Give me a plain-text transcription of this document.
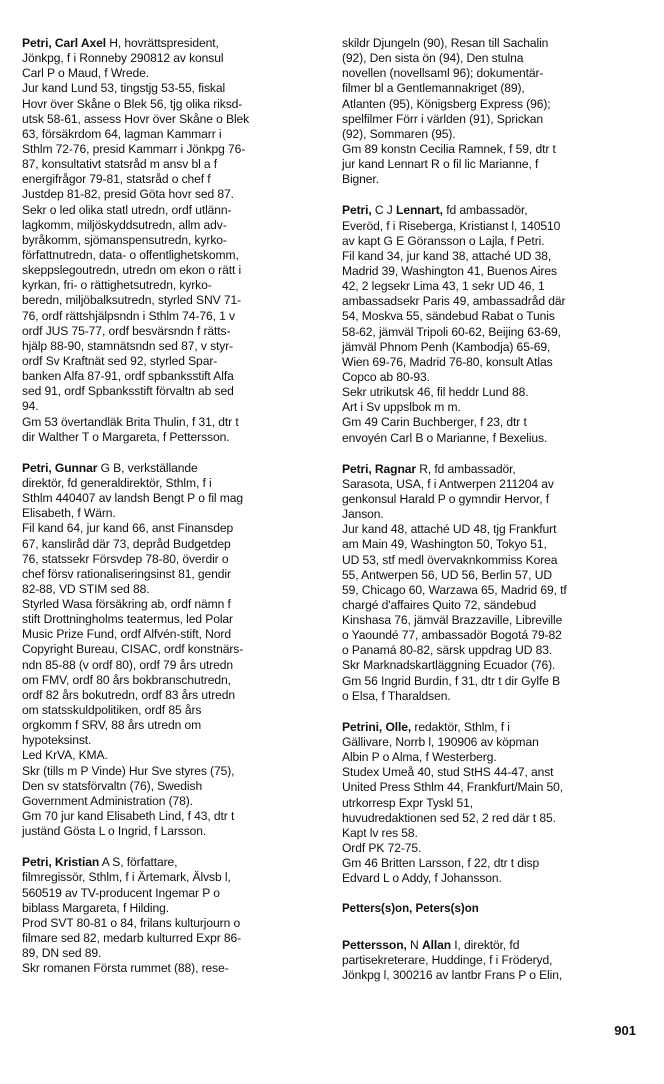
Petri, Carl Axel H, hovrättspresident,
Jönkpg, f i Ronneby 290812 av konsul
Carl P o Maud, f Wrede.
Jur kand Lund 53, tingstjg 53-55, fiskal
Hovr över Skåne o Blek 56, tjg olika riksd-
utsk 58-61, assess Hovr över Skåne o Blek
63, försäkrdom 64, lagman Kammarr i
Sthlm 72-76, presid Kammarr i Jönkpg 76-
87, konsultativt statsråd m ansv bl a f
energifrågor 79-81, statsråd o chef f
Justdep 81-82, presid Göta hovr sed 87.
Sekr o led olika statl utredn, ordf utlänn-
lagkomm, miljöskyddsutredn, allm adv-
byråkomm, sjömanspensutredn, kyrko-
författnutredn, data- o offentlighetskomm,
skeppslegoutredn, utredn om ekon o rätt i
kyrkan, fri- o rättighetsutredn, kyrko-
beredn, miljöbalksutredn, styrled SNV 71-
76, ordf rättshjälpsndn i Sthlm 74-76, 1 v
ordf JUS 75-77, ordf besvärsndn f rätts-
hjälp 88-90, stamnätsndn sed 87, v styr-
ordf Sv Kraftnät sed 92, styrled Spar-
banken Alfa 87-91, ordf spbanksstift Alfa
sed 91, ordf Spbanksstift förvaltn ab sed
94.
Gm 53 övertandläk Brita Thulin, f 31, dtr t
dir Walther T o Margareta, f Pettersson.
Petri, Gunnar G B, verkställande
direktör, fd generaldirektör, Sthlm, f i
Sthlm 440407 av landsh Bengt P o fil mag
Elisabeth, f Wärn.
Fil kand 64, jur kand 66, anst Finansdep
67, kanslіråd där 73, depråd Budgetdep
76, statssekr Försvdep 78-80, överdir o
chef försv rationaliseringsinst 81, gendir
82-88, VD STIM sed 88.
Styrled Wasa försäkring ab, ordf nämn f
stift Drottningholms teatermus, led Polar
Music Prize Fund, ordf Alfvén-stift, Nord
Copyright Bureau, CISAC, ordf konstnärs-
ndn 85-88 (v ordf 80), ordf 79 års utredn
om FMV, ordf 80 års bokbranschutredn,
ordf 82 års bokutredn, ordf 83 års utredn
om statsskuldpolitiken, ordf 85 års
orgkomm f SRV, 88 års utredn om
hypoteksinst.
Led KrVA, KMA.
Skr (tills m P Vinde) Hur Sve styres (75),
Den sv statsförvaltn (76), Swedish
Government Administration (78).
Gm 70 jur kand Elisabeth Lind, f 43, dtr t
juständ Gösta L o Ingrid, f Larsson.
Petri, Kristian A S, författare,
filmregissör, Sthlm, f i Ärtemark, Älvsb l,
560519 av TV-producent Ingemar P o
biblass Margareta, f Hilding.
Prod SVT 80-81 o 84, frilans kulturjourn o
filmare sed 82, medarb kulturred Expr 86-
89, DN sed 89.
Skr romanen Första rummet (88), rese-
skildr Djungeln (90), Resan till Sachalin
(92), Den sista ön (94), Den stulna
novellen (novellsaml 96); dokumentär-
filmer bl a Gentlemannakriget (89),
Atlanten (95), Königsberg Express (96);
spelfilmer Förr i världen (91), Sprickan
(92), Sommaren (95).
Gm 89 konstn Cecilia Ramnek, f 59, dtr t
jur kand Lennart R o fil lic Marianne, f
Bigner.
Petri, C J Lennart, fd ambassadör,
Everöd, f i Riseberga, Kristianst l, 140510
av kapt G E Göransson o Lajla, f Petri.
Fil kand 34, jur kand 38, attaché UD 38,
Madrid 39, Washington 41, Buenos Aires
42, 2 legsekr Lima 43, 1 sekr UD 46, 1
ambassadsekr Paris 49, ambassadråd där
54, Moskva 55, sändebud Rabat o Tunis
58-62, jämväl Tripoli 60-62, Beijing 63-69,
jämväl Phnom Penh (Kambodja) 65-69,
Wien 69-76, Madrid 76-80, konsult Atlas
Copco ab 80-93.
Sekr utrikutsk 46, fil heddr Lund 88.
Art i Sv uppslbok m m.
Gm 49 Carin Buchberger, f 23, dtr t
envoyén Carl B o Marianne, f Bexelius.
Petri, Ragnar R, fd ambassadör,
Sarasota, USA, f i Antwerpen 211204 av
genkonsul Harald P o gymndir Hervor, f
Janson.
Jur kand 48, attaché UD 48, tjg Frankfurt
am Main 49, Washington 50, Tokyo 51,
UD 53, stf medl övervaknkommiss Korea
55, Antwerpen 56, UD 56, Berlin 57, UD
59, Chicago 60, Warzawa 65, Madrid 69, tf
chargé d'affaires Quito 72, sändebud
Kinshasa 76, jämväl Brazzaville, Libreville
o Yaoundé 77, ambassadör Bogotá 79-82
o Panamá 80-82, särsk uppdrag UD 83.
Skr Marknadskartläggning Ecuador (76).
Gm 56 Ingrid Burdin, f 31, dtr t dir Gylfe B
o Elsa, f Tharaldsen.
Petrini, Olle, redaktör, Sthlm, f i
Gällivare, Norrb l, 190906 av köpman
Albin P o Alma, f Westerberg.
Studex Umeå 40, stud StHS 44-47, anst
United Press Sthlm 44, Frankfurt/Main 50,
utrkorresp Expr Tyskl 51,
huvudredaktionen sed 52, 2 red där t 85.
Kapt lv res 58.
Ordf PK 72-75.
Gm 46 Britten Larsson, f 22, dtr t disp
Edvard L o Addy, f Johansson.
Petters(s)on, Peters(s)on
Pettersson, N Allan I, direktör, fd
partisekreterare, Huddinge, f i Fröderyd,
Jönkpg l, 300216 av lantbr Frans P o Elin,
901
